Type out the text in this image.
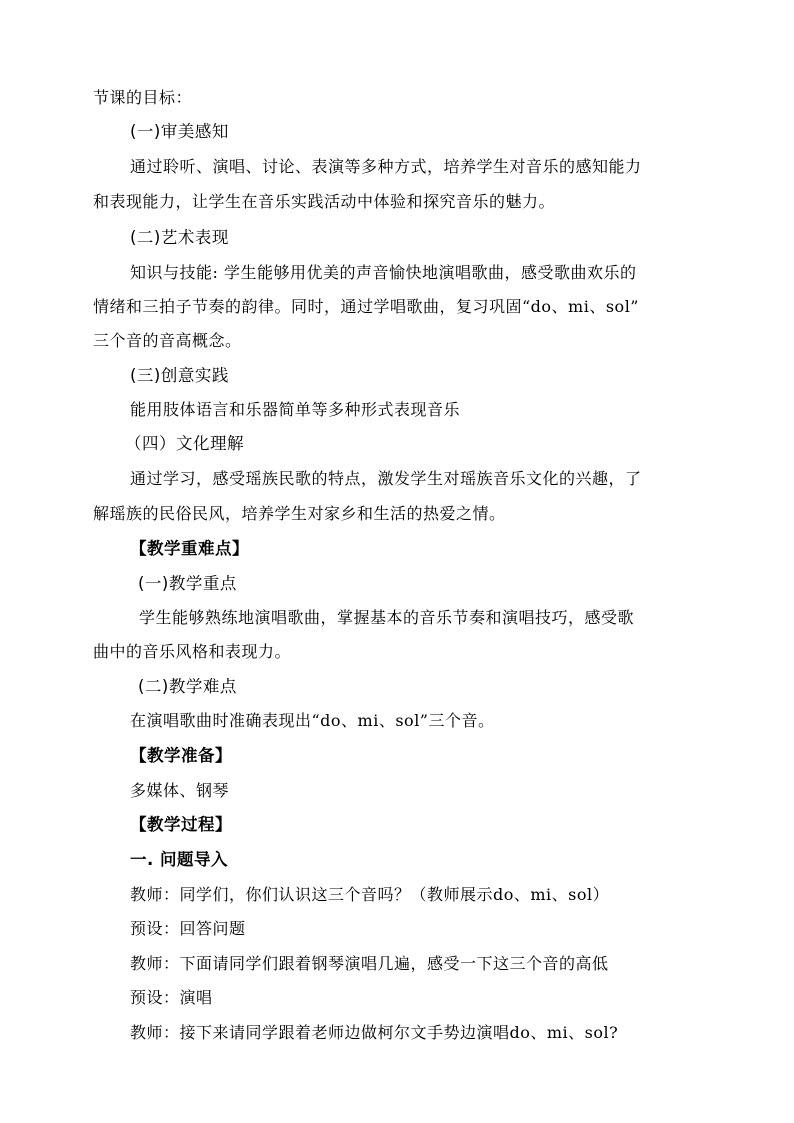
节课的目标：
(一)审美感知
通过聆听、演唱、讨论、表演等多种方式，培养学生对音乐的感知能力
和表现能力，让学生在音乐实践活动中体验和探究音乐的魅力。
(二)艺术表现
知识与技能: 学生能够用优美的声音愉快地演唱歌曲，感受歌曲欢乐的
情绪和三拍子节奏的韵律。同时，通过学唱歌曲，复习巩固“do、mi、sol”
三个音的音高概念。
(三)创意实践
能用肢体语言和乐器简单等多种形式表现音乐
（四）文化理解
通过学习，感受瑶族民歌的特点，激发学生对瑶族音乐文化的兴趣，了
解瑶族的民俗民风，培养学生对家乡和生活的热爱之情。
【教学重难点】
(一)教学重点
学生能够熟练地演唱歌曲，掌握基本的音乐节奏和演唱技巧，感受歌
曲中的音乐风格和表现力。
(二)教学难点
在演唱歌曲时准确表现出“do、mi、sol”三个音。
【教学准备】
多媒体、钢琴
【教学过程】
一. 问题导入
教师：同学们，你们认识这三个音吗？（教师展示do、mi、sol）
预设：回答问题
教师：下面请同学们跟着钢琴演唱几遍，感受一下这三个音的高低
预设：演唱
教师：接下来请同学跟着老师边做柯尔文手势边演唱do、mi、sol?
